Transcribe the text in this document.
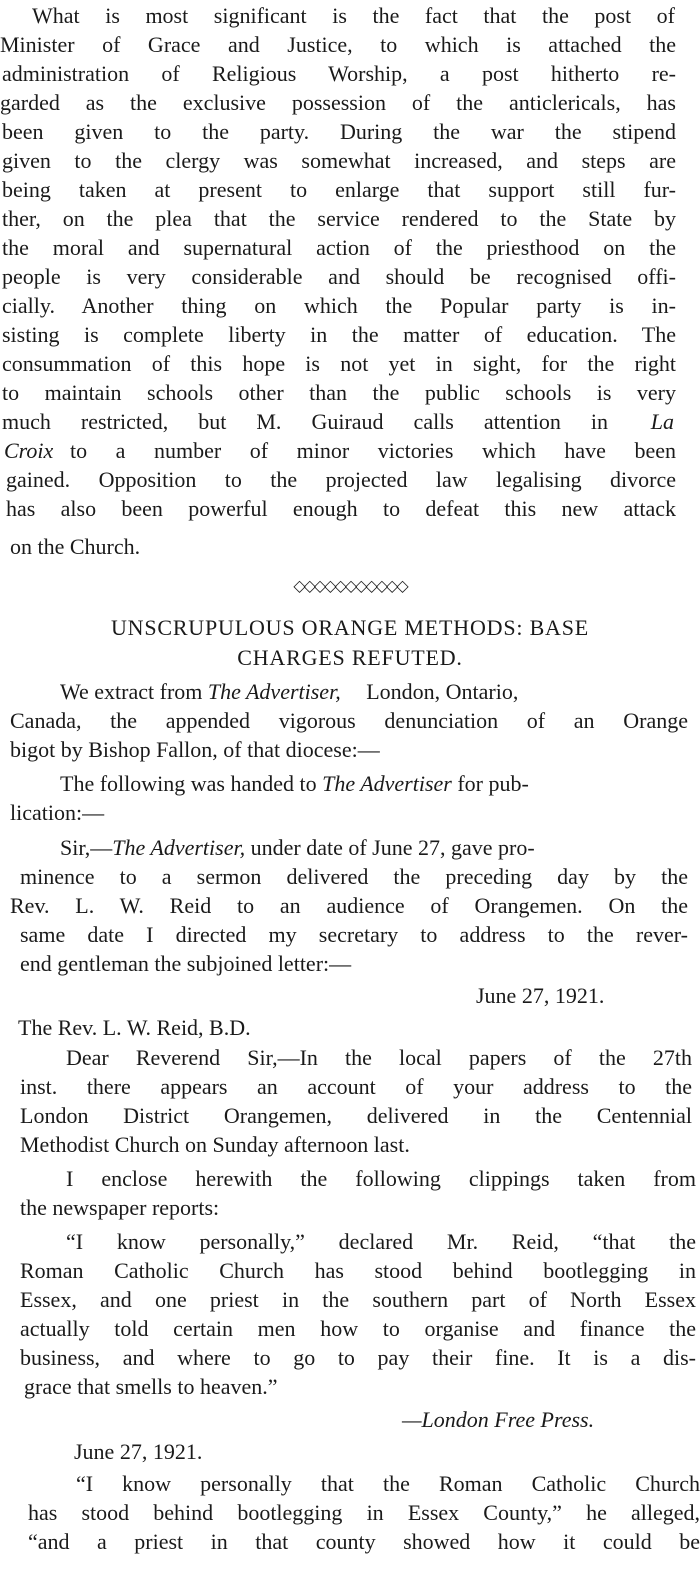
What is most significant is the fact that the post of
Minister of Grace and Justice, to which is attached the
administration of Religious Worship, a post hitherto re-
garded as the exclusive possession of the anticlericals, has
been given to the party. During the war the stipend
given to the clergy was somewhat increased, and steps are
being taken at present to enlarge that support still fur-
ther, on the plea that the service rendered to the State by
the moral and supernatural action of the priesthood on the
people is very considerable and should be recognised offi-
cially. Another thing on which the Popular party is in-
sisting is complete liberty in the matter of education. The
consummation of this hope is not yet in sight, for the right
to maintain schools other than the public schools is very
much restricted, but M. Guiraud calls attention in La
Croix to a number of minor victories which have been
gained. Opposition to the projected law legalising divorce
has also been powerful enough to defeat this new attack
on the Church.
◇◇◇◇◇◇◇◇◇◇◇
UNSCRUPULOUS ORANGE METHODS: BASE
CHARGES REFUTED.
We extract from The Advertiser, London, Ontario,
Canada, the appended vigorous denunciation of an Orange
bigot by Bishop Fallon, of that diocese:—
The following was handed to The Advertiser for pub-
lication:—
Sir,—The Advertiser, under date of June 27, gave pro-
minence to a sermon delivered the preceding day by the
Rev. L. W. Reid to an audience of Orangemen. On the
same date I directed my secretary to address to the rever-
end gentleman the subjoined letter:—
June 27, 1921.
The Rev. L. W. Reid, B.D.
Dear Reverend Sir,—In the local papers of the 27th
inst. there appears an account of your address to the
London District Orangemen, delivered in the Centennial
Methodist Church on Sunday afternoon last.
I enclose herewith the following clippings taken from
the newspaper reports:
“I know personally,” declared Mr. Reid, “that the
Roman Catholic Church has stood behind bootlegging in
Essex, and one priest in the southern part of North Essex
actually told certain men how to organise and finance the
business, and where to go to pay their fine. It is a dis-
grace that smells to heaven.”
—London Free Press.
June 27, 1921.
“I know personally that the Roman Catholic Church
has stood behind bootlegging in Essex County,” he alleged,
“and a priest in that county showed how it could be
